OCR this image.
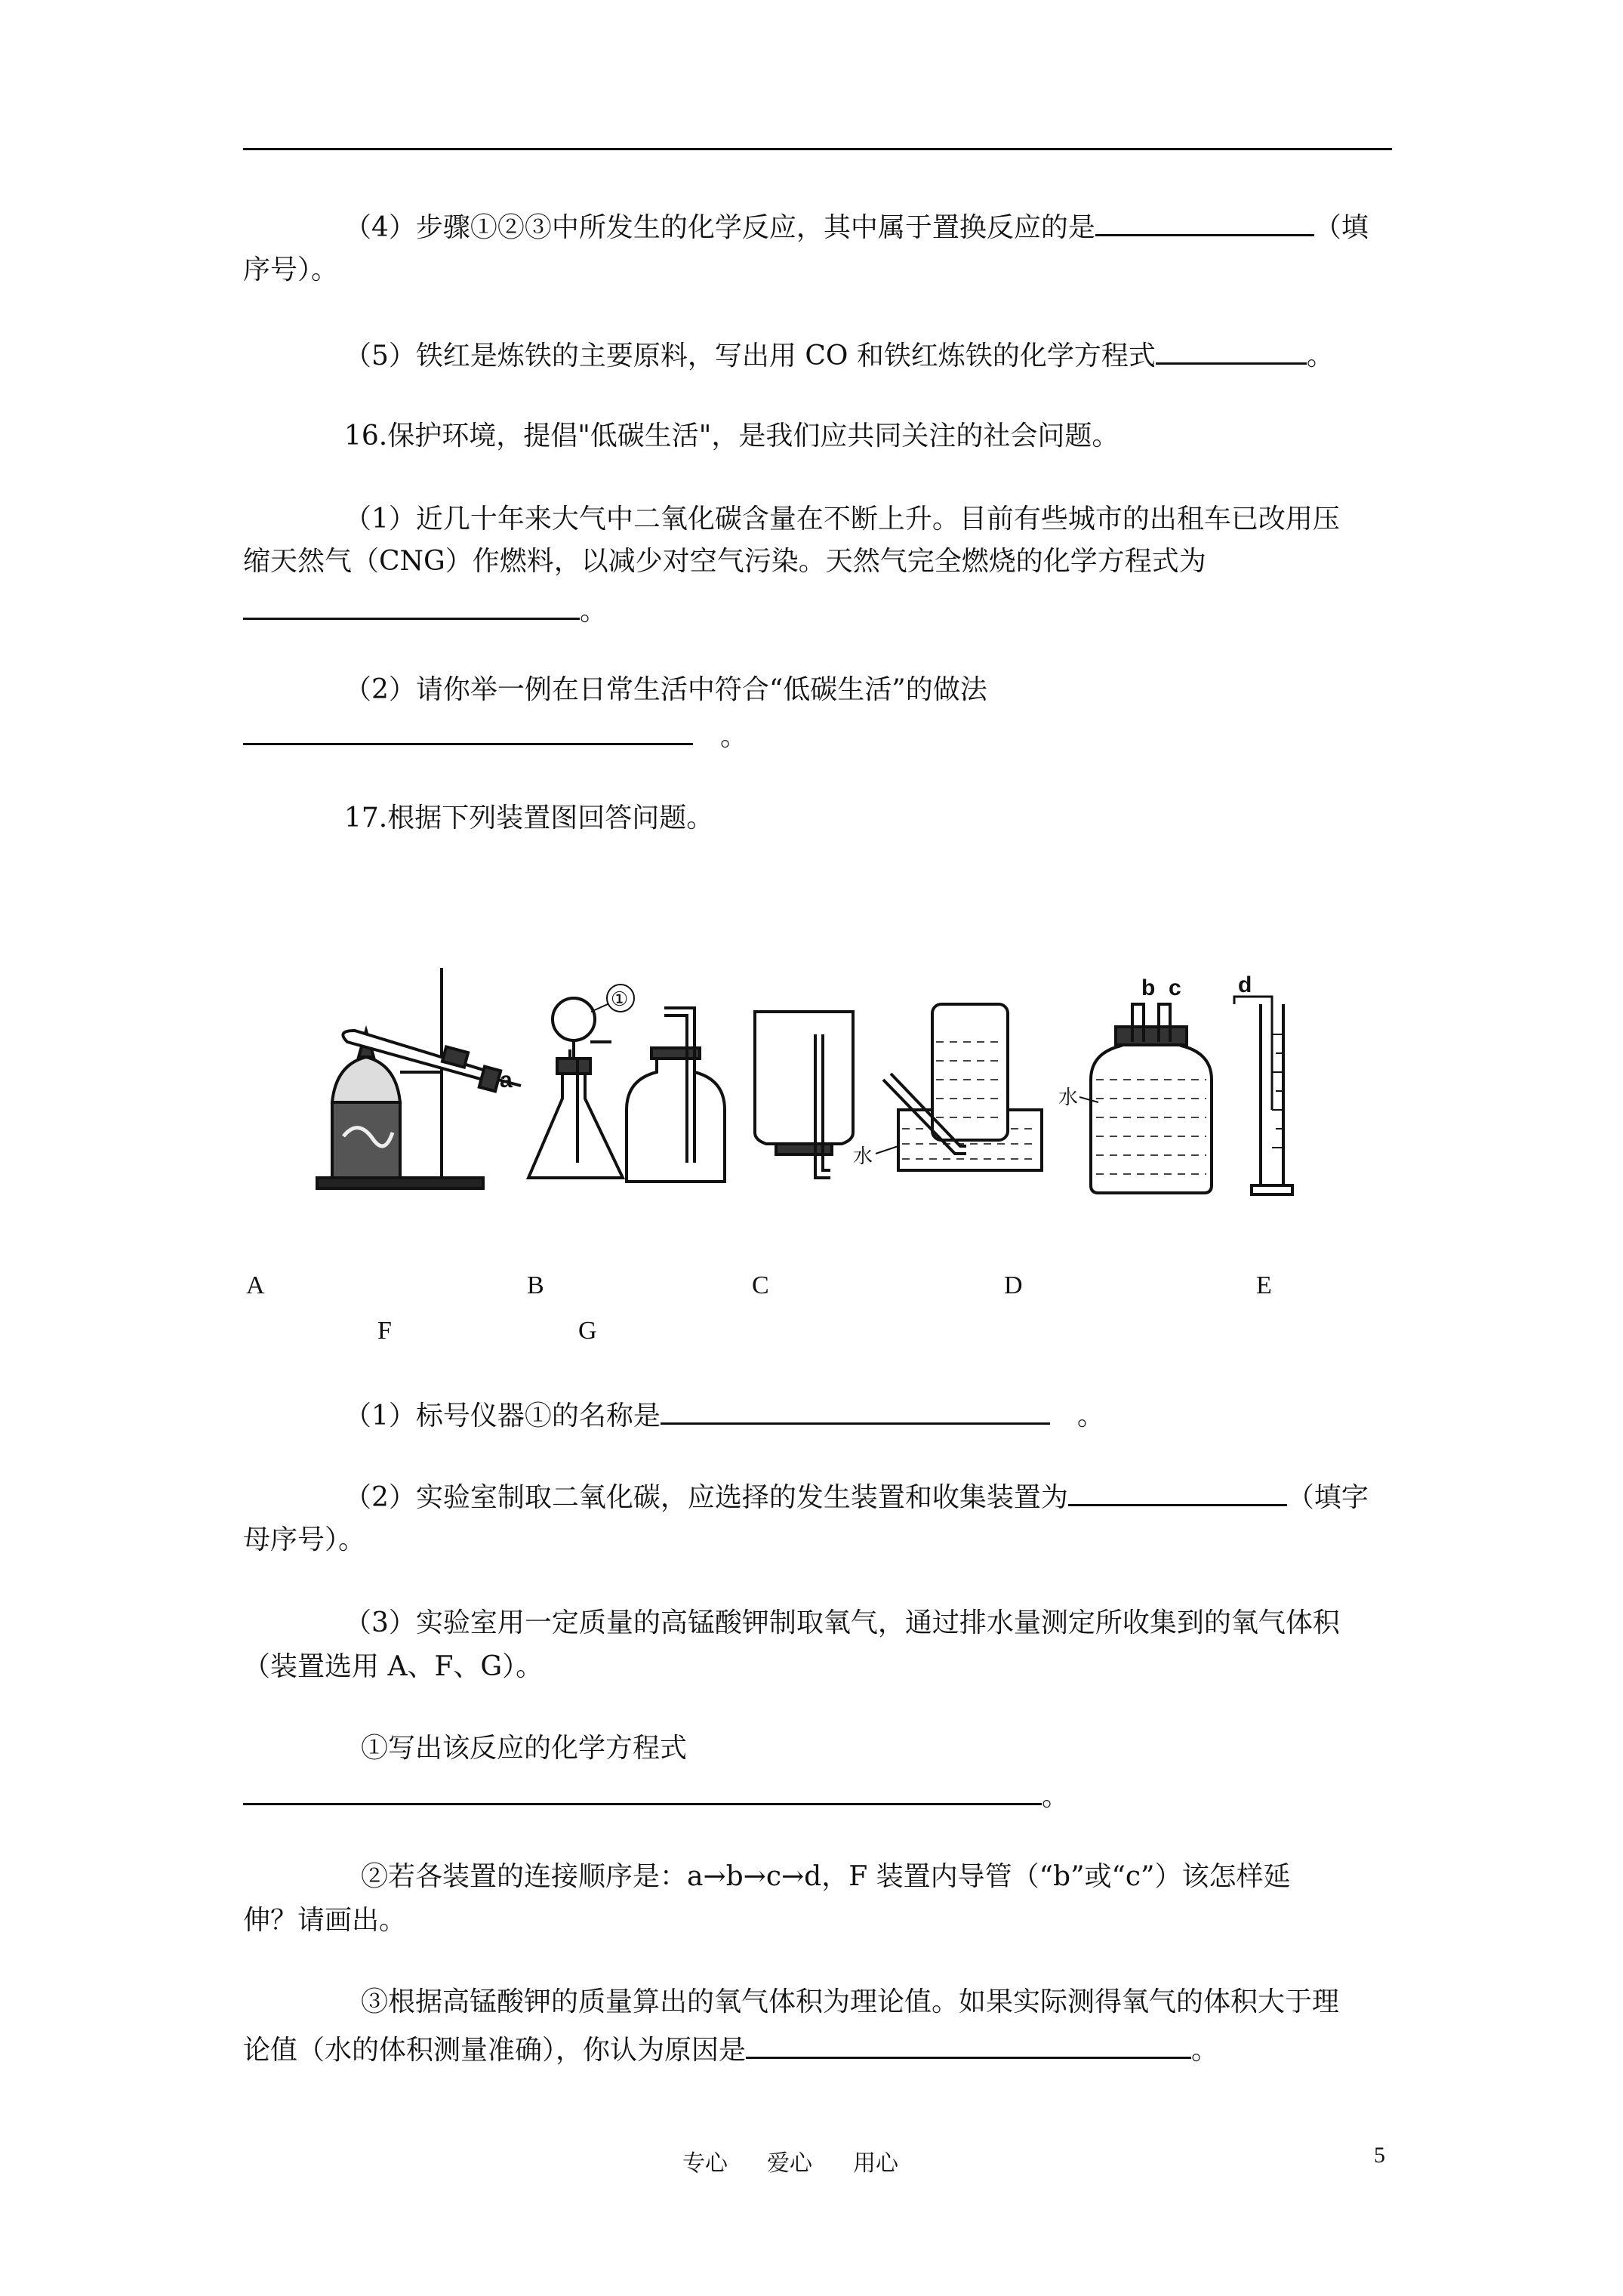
（4）步骤①②③中所发生的化学反应，其中属于置换反应的是	（填
序号）。
（5）铁红是炼铁的主要原料，写出用 CO 和铁红炼铁的化学方程式	。
16.保护环境，提倡"低碳生活"，是我们应共同关注的社会问题。
（1）近几十年来大气中二氧化碳含量在不断上升。目前有些城市的出租车已改用压
缩天然气（CNG）作燃料，以减少对空气污染。天然气完全燃烧的化学方程式为
。
（2）请你举一例在日常生活中符合“低碳生活”的做法
。
17.根据下列装置图回答问题。
a
b c	d
①
水
水
A	B	C	D	E
F	G
（1）标号仪器①的名称是	。
（2）实验室制取二氧化碳，应选择的发生装置和收集装置为	（填字
母序号）。
（3）实验室用一定质量的高锰酸钾制取氧气，通过排水量测定所收集到的氧气体积
（装置选用 A、F、G）。
①写出该反应的化学方程式
。
②若各装置的连接顺序是：a→b→c→d，F 装置内导管（“b”或“c”）该怎样延
伸？请画出。
③根据高锰酸钾的质量算出的氧气体积为理论值。如果实际测得氧气的体积大于理
论值（水的体积测量准确），你认为原因是	。
专心 爱心 用心	5
